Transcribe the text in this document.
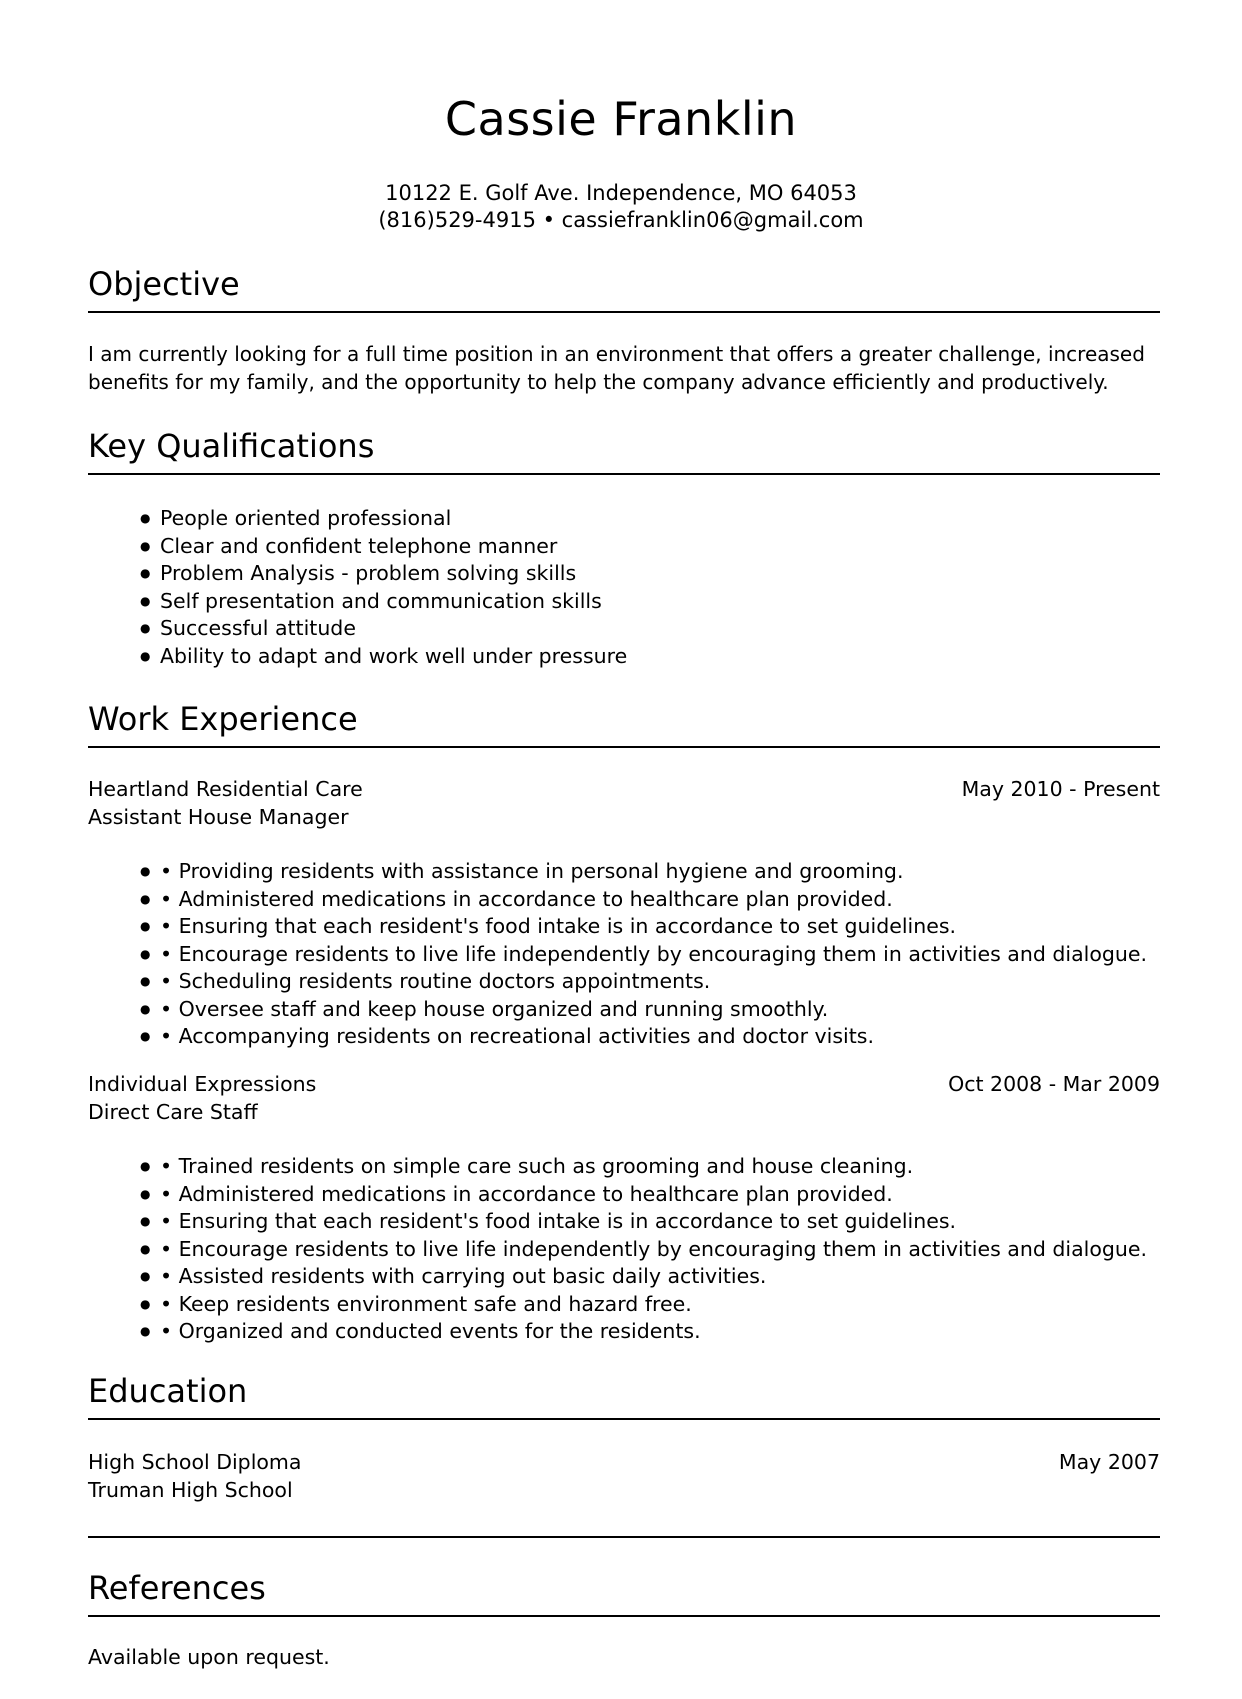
Cassie Franklin
10122 E. Golf Ave. Independence, MO 64053
(816)529-4915 • cassiefranklin06@gmail.com
Objective
I am currently looking for a full time position in an environment that offers a greater challenge, increased benefits for my family, and the opportunity to help the company advance efficiently and productively.
Key Qualifications
● People oriented professional
● Clear and confident telephone manner
● Problem Analysis - problem solving skills
● Self presentation and communication skills
● Successful attitude
● Ability to adapt and work well under pressure
Work Experience
Heartland Residential Care	May 2010 - Present
Assistant House Manager
● • Providing residents with assistance in personal hygiene and grooming.
● • Administered medications in accordance to healthcare plan provided.
● • Ensuring that each resident's food intake is in accordance to set guidelines.
● • Encourage residents to live life independently by encouraging them in activities and dialogue.
● • Scheduling residents routine doctors appointments.
● • Oversee staff and keep house organized and running smoothly.
● • Accompanying residents on recreational activities and doctor visits.
Individual Expressions	Oct 2008 - Mar 2009
Direct Care Staff
● • Trained residents on simple care such as grooming and house cleaning.
● • Administered medications in accordance to healthcare plan provided.
● • Ensuring that each resident's food intake is in accordance to set guidelines.
● • Encourage residents to live life independently by encouraging them in activities and dialogue.
● • Assisted residents with carrying out basic daily activities.
● • Keep residents environment safe and hazard free.
● • Organized and conducted events for the residents.
Education
High School Diploma	May 2007
Truman High School
References
Available upon request.
